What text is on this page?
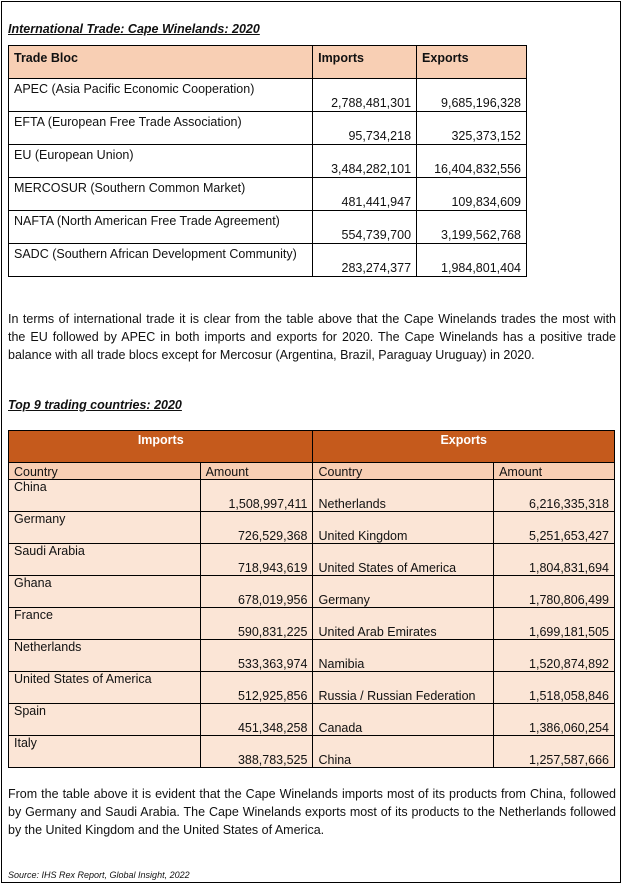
International Trade: Cape Winelands: 2020
Trade Bloc	Imports	Exports
APEC (Asia Pacific Economic Cooperation)	2,788,481,301	9,685,196,328
EFTA (European Free Trade Association)	95,734,218	325,373,152
EU (European Union)	3,484,282,101	16,404,832,556
MERCOSUR (Southern Common Market)	481,441,947	109,834,609
NAFTA (North American Free Trade Agreement)	554,739,700	3,199,562,768
SADC (Southern African Development Community)	283,274,377	1,984,801,404

In terms of international trade it is clear from the table above that the Cape Winelands trades the most with the EU followed by APEC in both imports and exports for 2020. The Cape Winelands has a positive trade balance with all trade blocs except for Mercosur (Argentina, Brazil, Paraguay Uruguay) in 2020.

Top 9 trading countries: 2020
Imports		Exports	
Country	Amount	Country	Amount
China	1,508,997,411	Netherlands	6,216,335,318
Germany	726,529,368	United Kingdom	5,251,653,427
Saudi Arabia	718,943,619	United States of America	1,804,831,694
Ghana	678,019,956	Germany	1,780,806,499
France	590,831,225	United Arab Emirates	1,699,181,505
Netherlands	533,363,974	Namibia	1,520,874,892
United States of America	512,925,856	Russia / Russian Federation	1,518,058,846
Spain	451,348,258	Canada	1,386,060,254
Italy	388,783,525	China	1,257,587,666

From the table above it is evident that the Cape Winelands imports most of its products from China, followed by Germany and Saudi Arabia. The Cape Winelands exports most of its products to the Netherlands followed by the United Kingdom and the United States of America.

Source: IHS Rex Report, Global Insight, 2022
